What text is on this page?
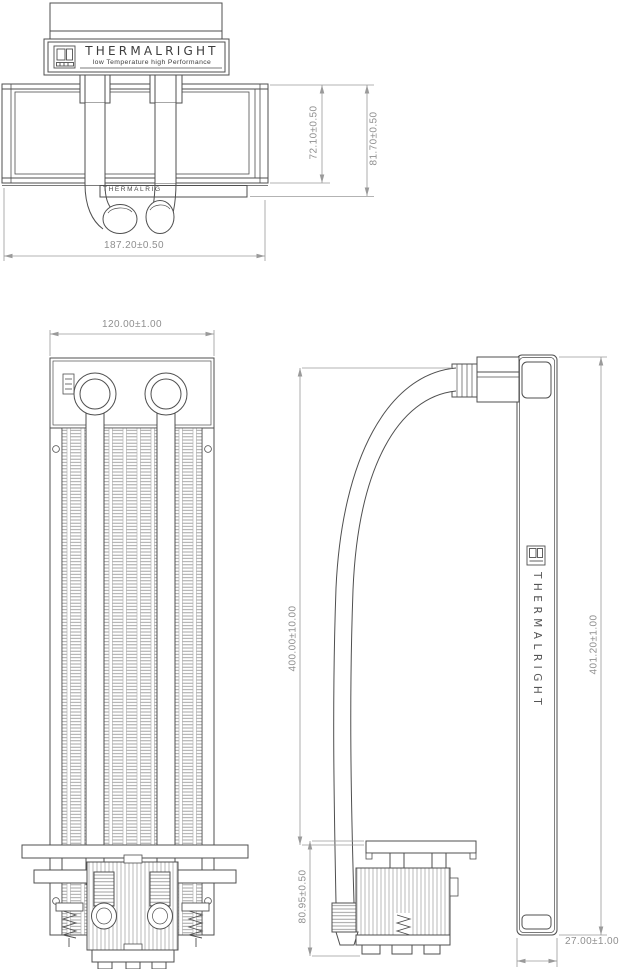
THERMALRIGHT
low Temperature high Performance
THERMALRIG
THERMALRIGHT
72.10±0.50	81.70±0.50
187.20±0.50
120.00±1.00
400.00±10.00	401.20±1.00
80.95±0.50
27.00±1.00
